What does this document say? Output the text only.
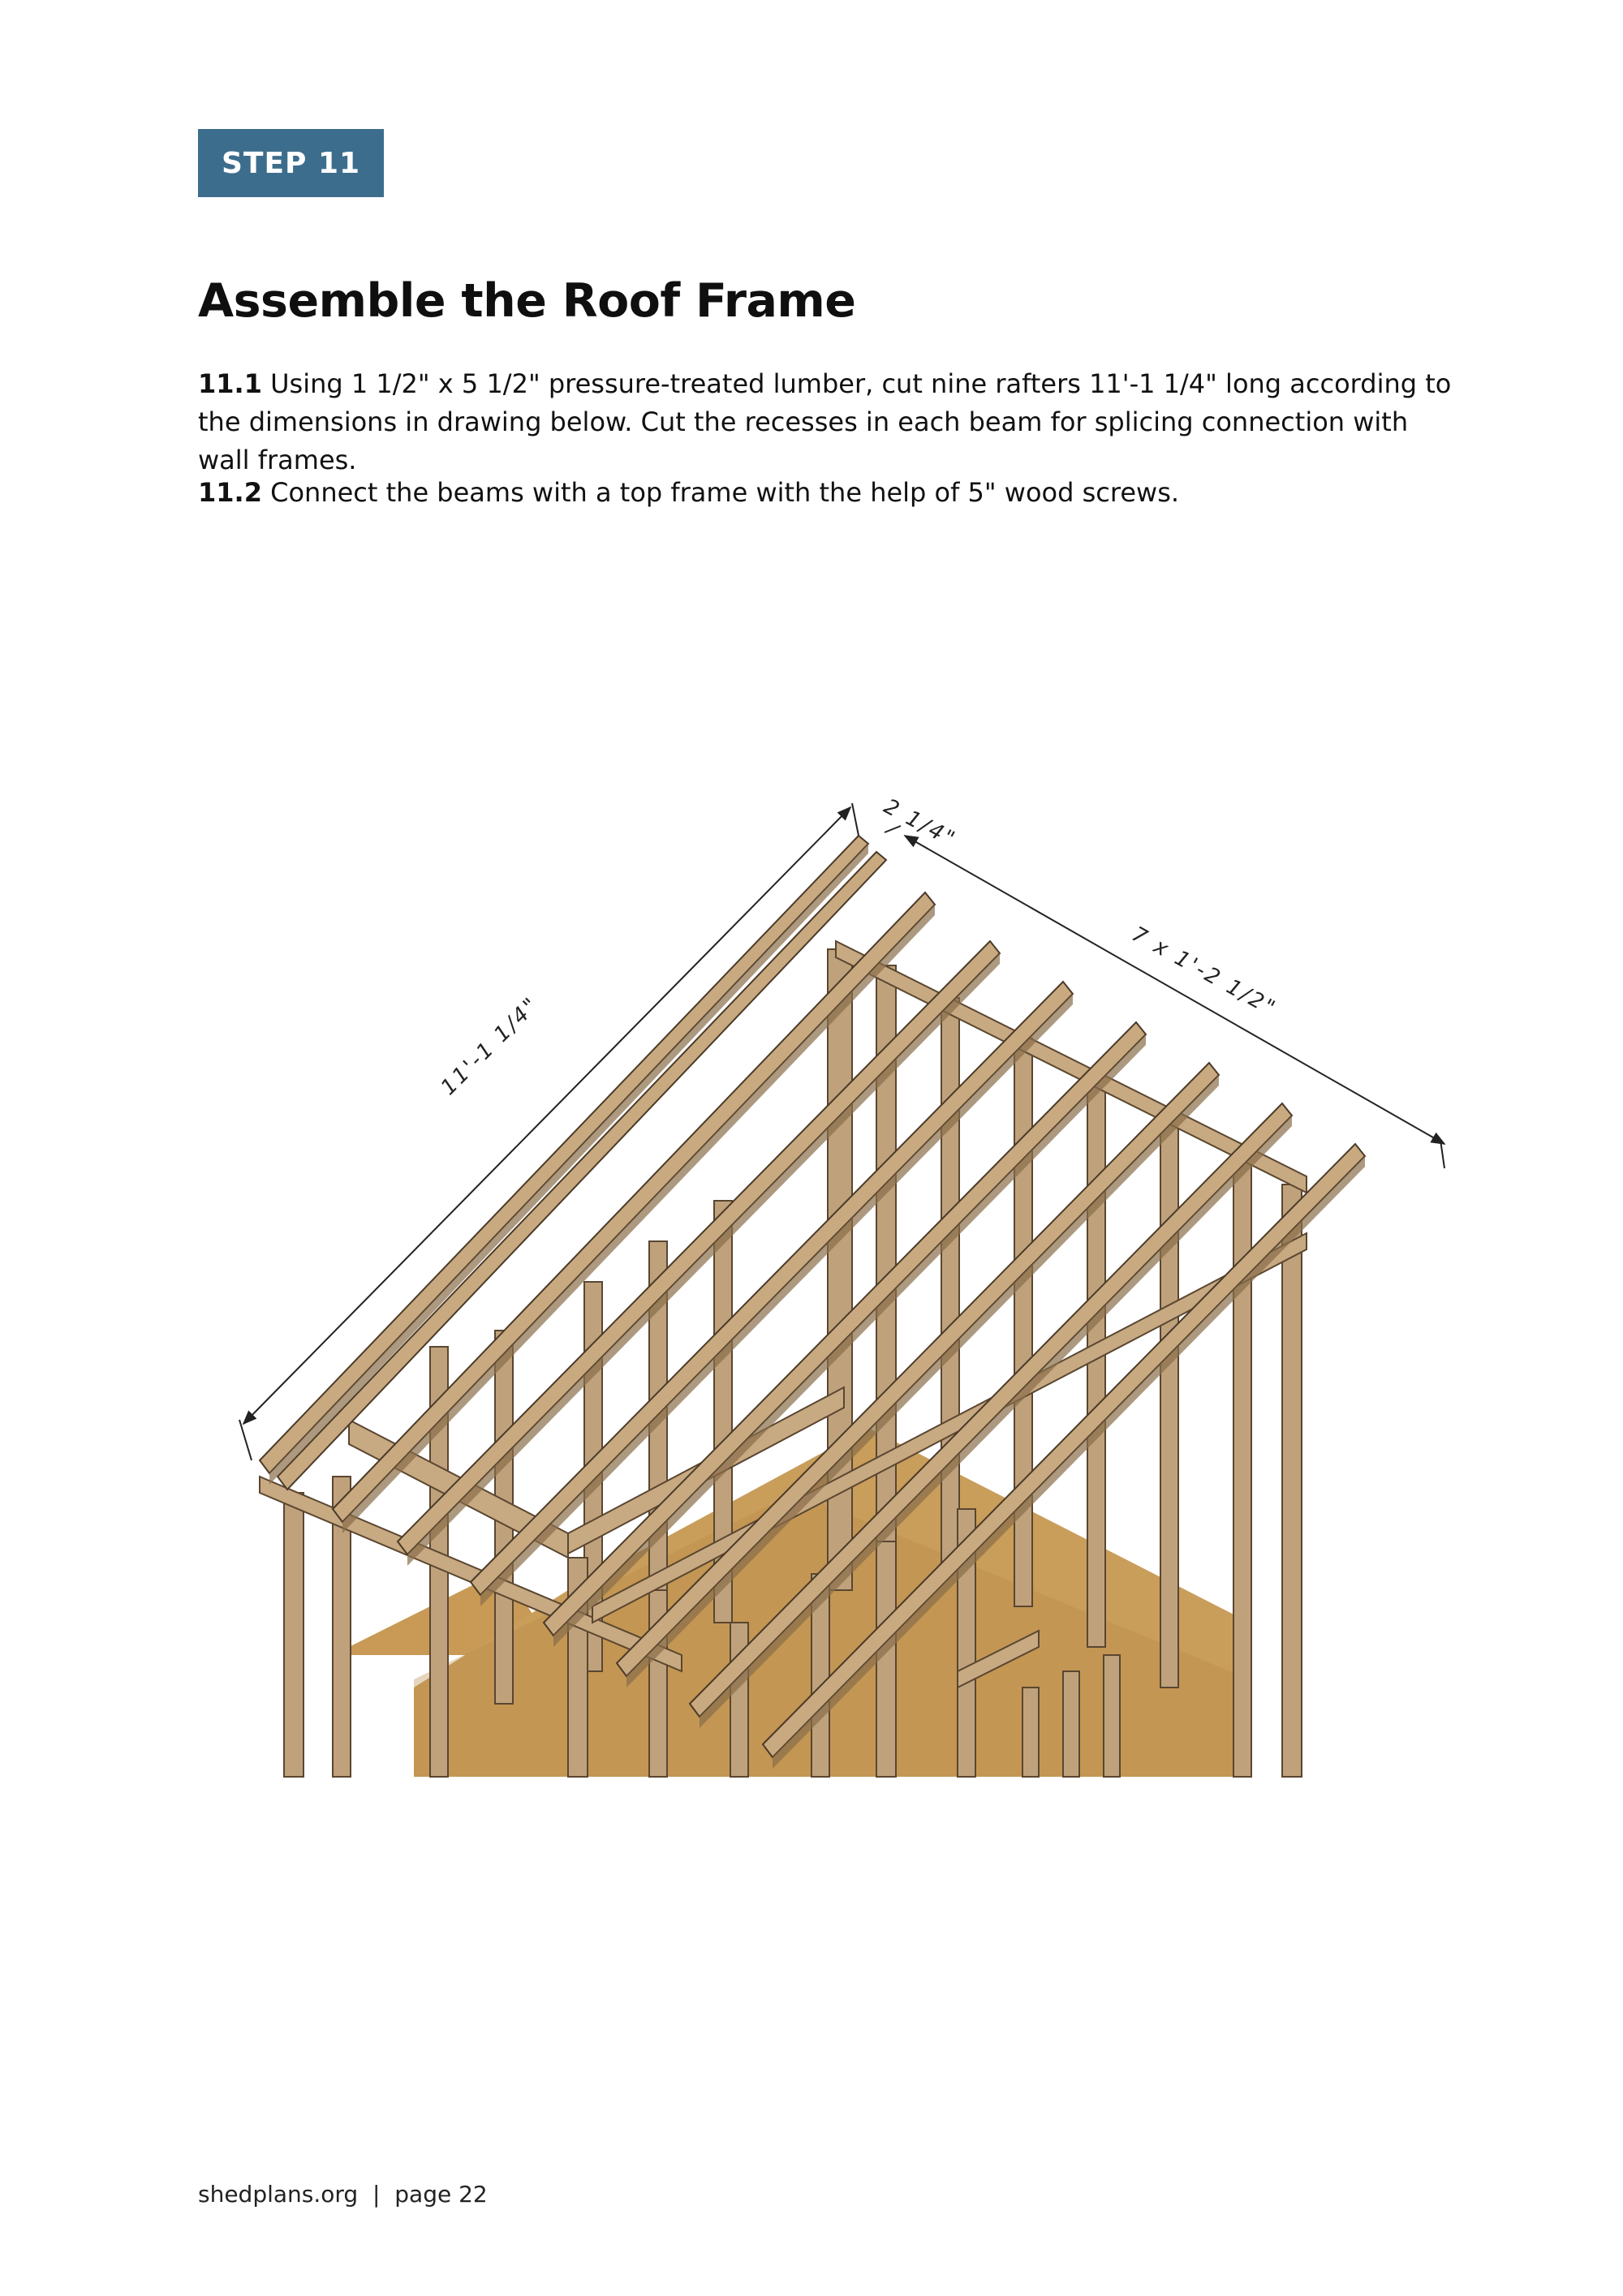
STEP 11
Assemble the Roof Frame

11.1 Using 1 1/2" x 5 1/2" pressure-treated lumber, cut nine rafters 11'-1 1/4" long according to the dimensions in drawing below. Cut the recesses in each beam for splicing connection with wall frames.

11.2 Connect the beams with a top frame with the help of 5" wood screws.

11'-1 1/4"
2 1/4"
7 x 1'-2 1/2"

shedplans.org | page 22
